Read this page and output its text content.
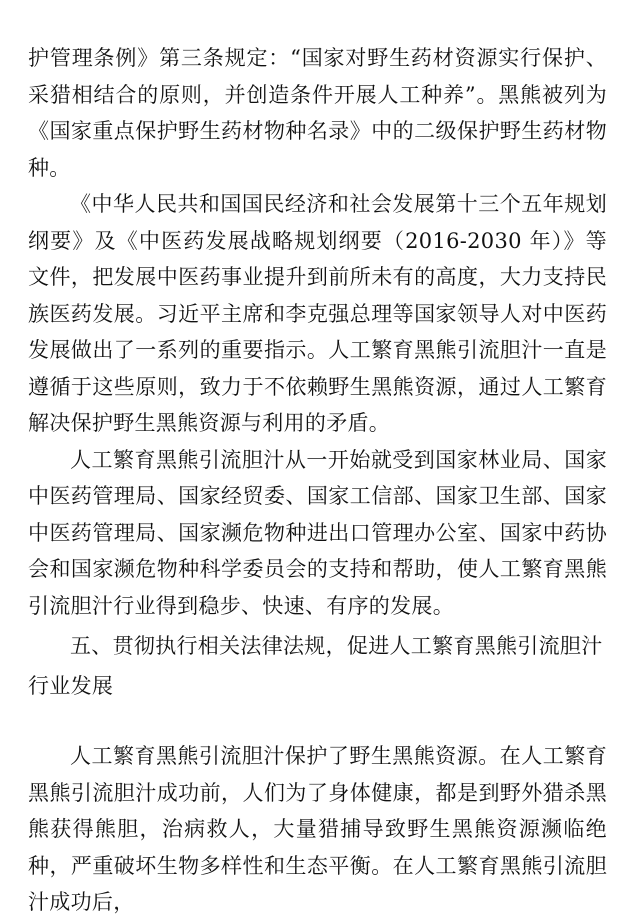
护管理条例》第三条规定：“国家对野生药材资源实行保护、采猎相结合的原则，并创造条件开展人工种养”。黑熊被列为《国家重点保护野生药材物种名录》中的二级保护野生药材物种。

《中华人民共和国国民经济和社会发展第十三个五年规划纲要》及《中医药发展战略规划纲要（2016-2030 年）》等文件，把发展中医药事业提升到前所未有的高度，大力支持民族医药发展。习近平主席和李克强总理等国家领导人对中医药发展做出了一系列的重要指示。人工繁育黑熊引流胆汁一直是遵循于这些原则，致力于不依赖野生黑熊资源，通过人工繁育解决保护野生黑熊资源与利用的矛盾。

人工繁育黑熊引流胆汁从一开始就受到国家林业局、国家中医药管理局、国家经贸委、国家工信部、国家卫生部、国家中医药管理局、国家濒危物种进出口管理办公室、国家中药协会和国家濒危物种科学委员会的支持和帮助，使人工繁育黑熊引流胆汁行业得到稳步、快速、有序的发展。

五、贯彻执行相关法律法规，促进人工繁育黑熊引流胆汁行业发展

人工繁育黑熊引流胆汁保护了野生黑熊资源。在人工繁育黑熊引流胆汁成功前，人们为了身体健康，都是到野外猎杀黑熊获得熊胆，治病救人，大量猎捕导致野生黑熊资源濒临绝种，严重破坏生物多样性和生态平衡。在人工繁育黑熊引流胆汁成功后，
